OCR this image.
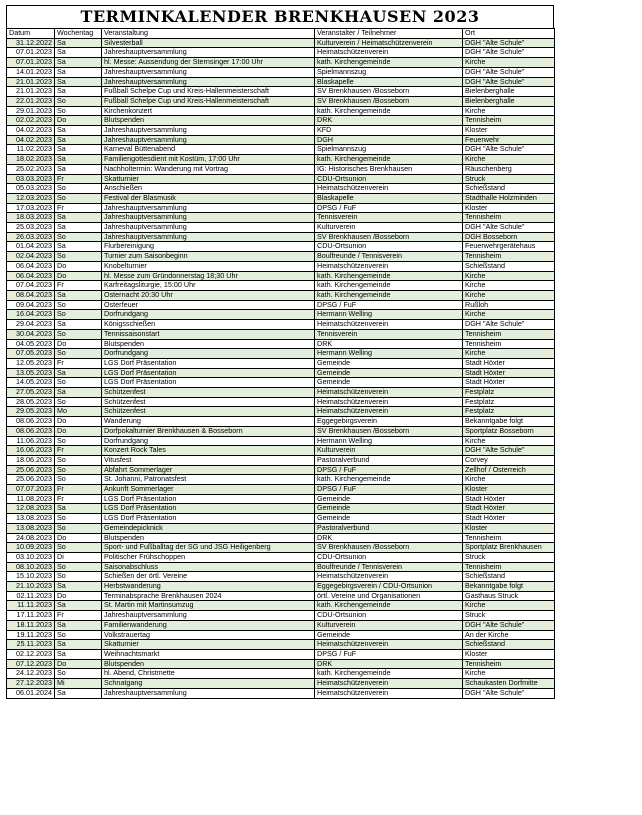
TERMINKALENDER BRENKHAUSEN 2023
Datum	Wochentag	Veranstaltung	Veranstalter / Teilnehmer	Ort
31.12.2022	Sa	Silvesterball	Kulturverein / Heimatschützenverein	DGH "Alte Schule"
07.01.2023	Sa	Jahreshauptversammlung	Heimatschützenverein	DGH "Alte Schule"
07.01.2023	Sa	hl. Messe: Aussendung der Sternsinger 17:00 Uhr	kath. Kirchengemeinde	Kirche
14.01.2023	Sa	Jahreshauptversammlung	Spielmannszug	DGH "Alte Schule"
21.01.2023	Sa	Jahreshauptversammlung	Blaskapelle	DGH "Alte Schule"
21.01.2023	Sa	Fußball Schelpe Cup und Kreis-Hallenmeisterschaft	SV Brenkhausen /Bosseborn	Bielenberghalle
22.01.2023	So	Fußball Schelpe Cup und Kreis-Hallenmeisterschaft	SV Brenkhausen /Bosseborn	Bielenberghalle
29.01.2023	So	Kirchenkonzert	kath. Kirchengemeinde	Kirche
02.02.2023	Do	Blutspenden	DRK	Tennisheim
04.02.2023	Sa	Jahreshauptversammlung	KFD	Kloster
04.02.2023	Sa	Jahreshauptversammlung	DGH	Feuerwehr
11.02.2023	Sa	Karneval Büttenabend	Spielmannszug	DGH "Alte Schule"
18.02.2023	Sa	Familiengottesdient mit Kostüm, 17:00 Uhr	kath. Kirchengemeinde	Kirche
25.02.2023	Sa	Nachholtermin: Wanderung mit Vortrag	IG: Historisches Brenkhausen	Räuschenberg
03.03.2023	Fr	Skatturnier	CDU-Ortsunion	Struck
05.03.2023	So	Anschießen	Heimatschützenverein	Schießstand
12.03.2023	So	Festival der Blasmusik	Blaskapelle	Stadthalle Holzminden
17.03.2023	Fr	Jahreshauptversammlung	DPSG / FuF	Kloster
18.03.2023	Sa	Jahreshauptversammlung	Tennisverein	Tennisheim
25.03.2023	Sa	Jahreshauptversammlung	Kulturverein	DGH "Alte Schule"
26.03.2023	So	Jahreshauptversammlung	SV Brenkhausen /Bosseborn	DGH Bosseborn
01.04.2023	Sa	Flurbereinigung	CDU-Ortsunion	Feuerwehrgerätehaus
02.04.2023	So	Turnier zum Saisonbeginn	Boulfreunde / Tennisverein	Tennisheim
06.04.2023	Do	Knobelturnier	Heimatschützenverein	Schießstand
06.04.2023	Do	hl. Messe zum Gründonnerstag 18;30 Uhr	kath. Kirchengemeinde	Kirche
07.04.2023	Fr	Karfreitagsliturgie, 15:00 Uhr	kath. Kirchengemeinde	Kirche
08.04.2023	Sa	Osternacht 20:30 Uhr	kath. Kirchengemeinde	Kirche
09.04.2023	So	Osterfeuer	DPSG / FuF	Rußloh
16.04.2023	So	Dorfrundgang	Hermann Welling	Kirche
29.04.2023	Sa	Königsschießen	Heimatschützenverein	DGH "Alte Schule"
30.04.2023	So	Tennissaisonstart	Tennisverein	Tennisheim
04.05.2023	Do	Blutspenden	DRK	Tennisheim
07.05.2023	So	Dorfrundgang	Hermann Welling	Kirche
12.05.2023	Fr	LGS Dorf Präsentation	Gemeinde	Stadt Höxter
13.05.2023	Sa	LGS Dorf Präsentation	Gemeinde	Stadt Höxter
14.05.2023	So	LGS Dorf Präsentation	Gemeinde	Stadt Höxter
27.05.2023	Sa	Schützenfest	Heimatschützenverein	Festplatz
28.05.2023	So	Schützenfest	Heimatschützenverein	Festplatz
29.05.2023	Mo	Schützenfest	Heimatschützenverein	Festplatz
08.06.2023	Do	Wanderung	Eggegebirgsverein	Bekanntgabe folgt
08.06.2023	Do	Dorfpokalturnier Brenkhausen & Bosseborn	SV Brenkhausen /Bosseborn	Sportplatz Bosseborn
11.06.2023	So	Dorfrundgang	Hermann Welling	Kirche
16.06.2023	Fr	Konzert Rock Tales	Kulturverein	DGH "Alte Schule"
18.06.2023	So	Vitusfest	Pastoralverbund	Corvey
25.06.2023	So	Abfahrt Sommerlager	DPSG / FuF	Zellhof / Österreich
25.06.2023	So	St. Johanni, Patronatsfest	kath. Kirchengemeinde	Kirche
07.07.2023	Fr	Ankunft Sommerlager	DPSG / FuF	Kloster
11.08.2023	Fr	LGS Dorf Präsentation	Gemeinde	Stadt Höxter
12.08.2023	Sa	LGS Dorf Präsentation	Gemeinde	Stadt Höxter
13.08.2023	So	LGS Dorf Präsentation	Gemeinde	Stadt Höxter
13.08.2023	So	Gemeindepicknick	Pastoralverbund	Kloster
24.08.2023	Do	Blutspenden	DRK	Tennisheim
10.09.2023	So	Sport- und Fußballtag der SG und JSG Heiligenberg	SV Brenkhausen /Bosseborn	Sportplatz Brenkhausen
03.10.2023	Di	Politischer Frühschoppen	CDU-Ortsunion	Struck
08.10.2023	So	Saisonabschluss	Boulfreunde / Tennisverein	Tennisheim
15.10.2023	So	Schießen der örtl. Vereine	Heimatschützenverein	Schießstand
21.10.2023	Sa	Herbstwanderung	Eggegebirgsverein / CDU-Ortsunion	Bekanntgabe folgt
02.11.2023	Do	Terminabsprache Brenkhausen 2024	örtl. Vereine und Organisationen	Gasthaus Struck
11.11.2023	Sa	St. Martin mit Martinsumzug	kath. Kirchengemeinde	Kirche
17.11.2023	Fr	Jahreshauptversammlung	CDU-Ortsunion	Struck
18.11.2023	Sa	Familienwanderung	Kulturverein	DGH "Alte Schule"
19.11.2023	So	Volkstrauertag	Gemeinde	An der Kirche
25.11.2023	Sa	Skatturnier	Heimatschützenverein	Schießstand
02.12.2023	Sa	Weihnachtsmarkt	DPSG / FuF	Kloster
07.12.2023	Do	Blutspenden	DRK	Tennisheim
24.12.2023	So	hl. Abend, Christmette	kath. Kirchengemeinde	Kirche
27.12.2023	Mi	Schnatgang	Heimatschützenverein	Schaukasten Dorfmitte
06.01.2024	Sa	Jahreshauptversammlung	Heimatschützenverein	DGH "Alte Schule"
